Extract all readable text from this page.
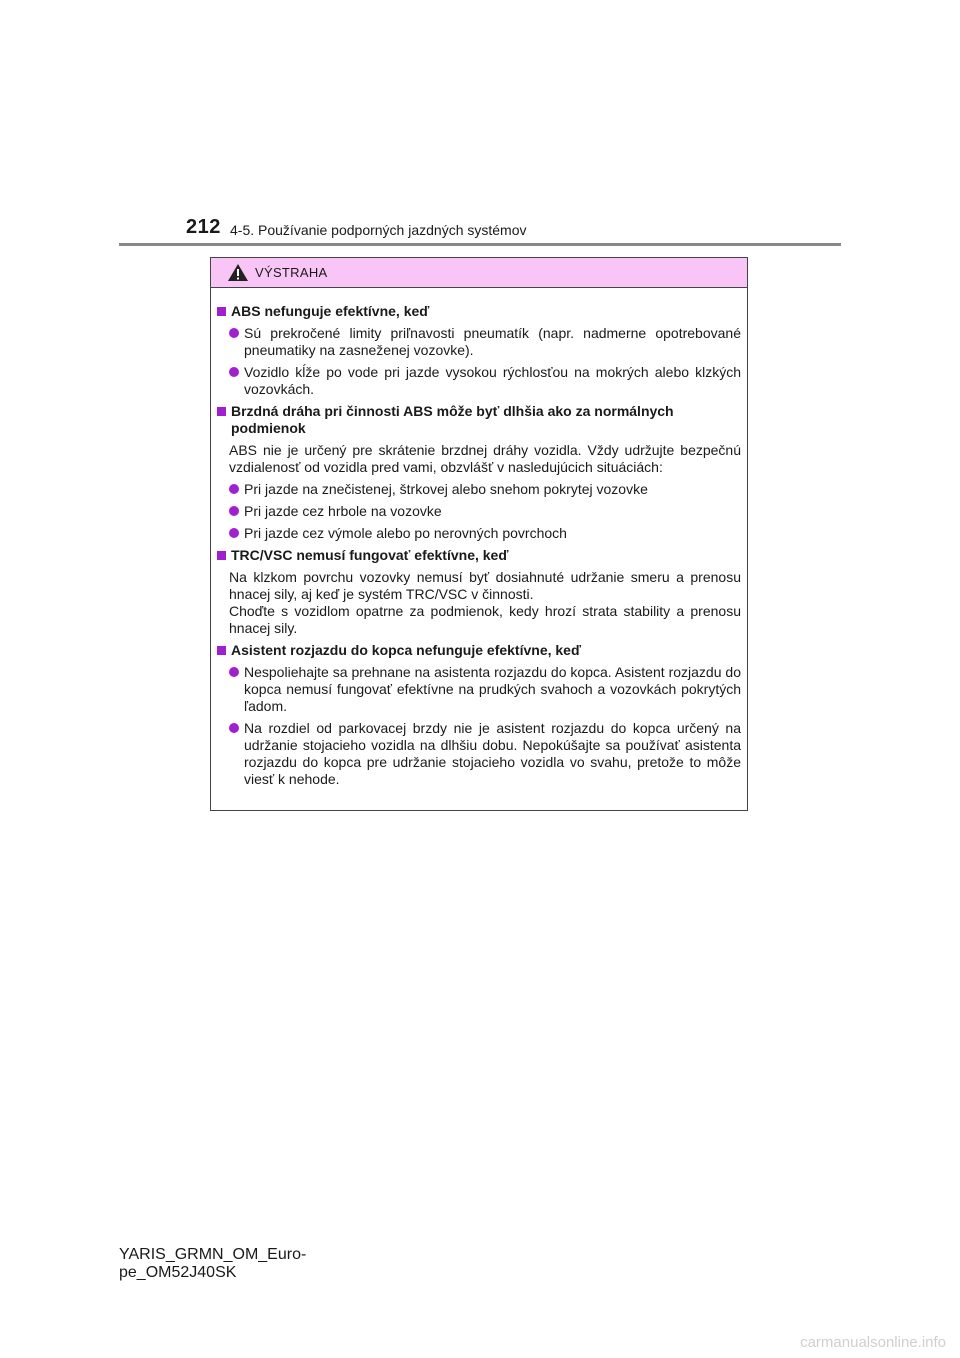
212 4-5. Používanie podporných jazdných systémov
VÝSTRAHA
ABS nefunguje efektívne, keď
Sú prekročené limity priľnavosti pneumatík (napr. nadmerne opotrebované pneumatiky na zasneženej vozovke).
Vozidlo kĺže po vode pri jazde vysokou rýchlosťou na mokrých alebo klzkých vozovkách.
Brzdná dráha pri činnosti ABS môže byť dlhšia ako za normálnych podmienok
ABS nie je určený pre skrátenie brzdnej dráhy vozidla. Vždy udržujte bezpečnú vzdialenosť od vozidla pred vami, obzvlášť v nasledujúcich situáciách:
Pri jazde na znečistenej, štrkovej alebo snehom pokrytej vozovke
Pri jazde cez hrbole na vozovke
Pri jazde cez výmole alebo po nerovných povrchoch
TRC/VSC nemusí fungovať efektívne, keď
Na klzkom povrchu vozovky nemusí byť dosiahnuté udržanie smeru a prenosu hnacej sily, aj keď je systém TRC/VSC v činnosti.
Choďte s vozidlom opatrne za podmienok, kedy hrozí strata stability a prenosu hnacej sily.
Asistent rozjazdu do kopca nefunguje efektívne, keď
Nespoliehajte sa prehnane na asistenta rozjazdu do kopca. Asistent rozjazdu do kopca nemusí fungovať efektívne na prudkých svahoch a vozovkách pokrytých ľadom.
Na rozdiel od parkovacej brzdy nie je asistent rozjazdu do kopca určený na udržanie stojacieho vozidla na dlhšiu dobu. Nepokúšajte sa používať asistenta rozjazdu do kopca pre udržanie stojacieho vozidla vo svahu, pretože to môže viesť k nehode.
YARIS_GRMN_OM_Euro-
pe_OM52J40SK
carmanualsonline.info
